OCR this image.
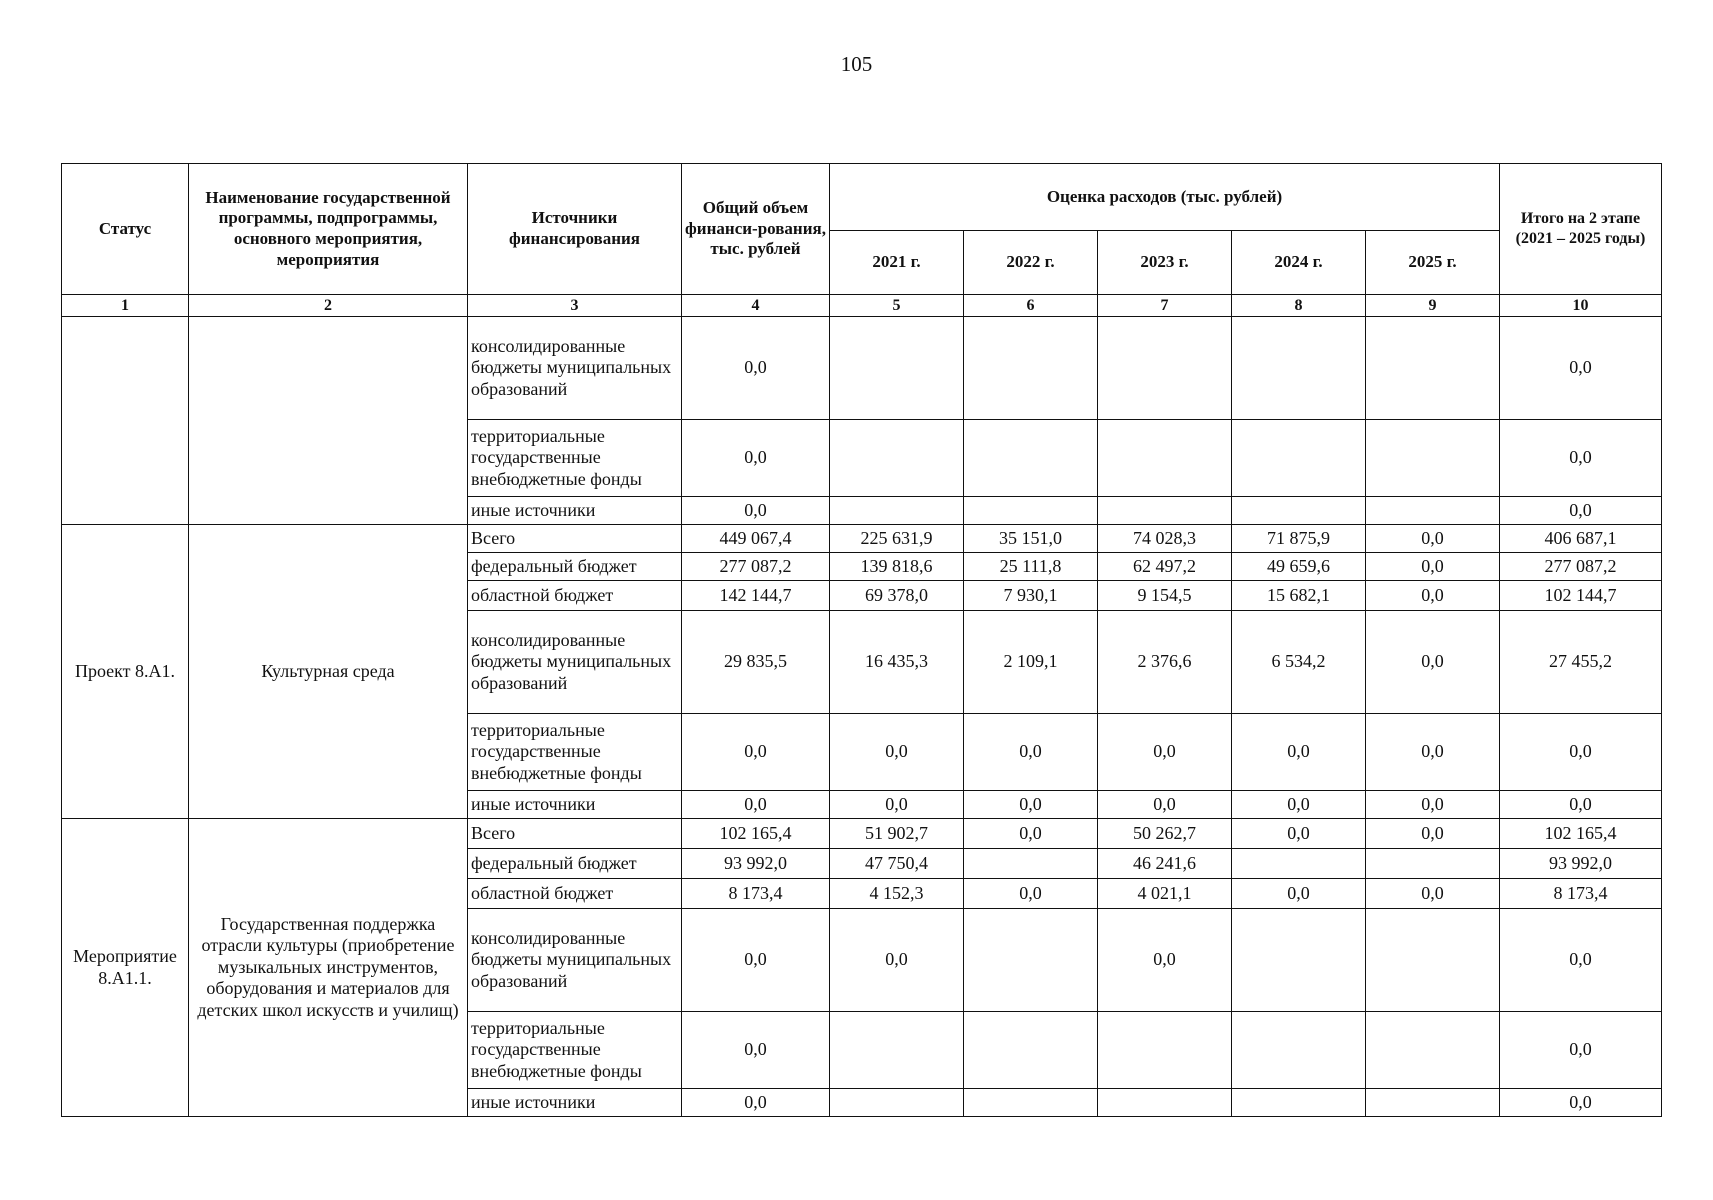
105
Статус	Наименование государственной программы, подпрограммы, основного мероприятия, мероприятия	Источники финансирования	Общий объем финанси-рования, тыс. рублей	Оценка расходов (тыс. рублей)					Итого на 2 этапе (2021 – 2025 годы)
				2021 г.	2022 г.	2023 г.	2024 г.	2025 г.	
1	2	3	4	5	6	7	8	9	10
		консолидированные бюджеты муниципальных образований	0,0						0,0
		территориальные государственные внебюджетные фонды	0,0						0,0
		иные источники	0,0						0,0
Проект 8.А1.	Культурная среда	Всего	449 067,4	225 631,9	35 151,0	74 028,3	71 875,9	0,0	406 687,1
		федеральный бюджет	277 087,2	139 818,6	25 111,8	62 497,2	49 659,6	0,0	277 087,2
		областной бюджет	142 144,7	69 378,0	7 930,1	9 154,5	15 682,1	0,0	102 144,7
		консолидированные бюджеты муниципальных образований	29 835,5	16 435,3	2 109,1	2 376,6	6 534,2	0,0	27 455,2
		территориальные государственные внебюджетные фонды	0,0	0,0	0,0	0,0	0,0	0,0	0,0
		иные источники	0,0	0,0	0,0	0,0	0,0	0,0	0,0
Мероприятие 8.А1.1.	Государственная поддержка отрасли культуры (приобретение музыкальных инструментов, оборудования и материалов для детских школ искусств и училищ)	Всего	102 165,4	51 902,7	0,0	50 262,7	0,0	0,0	102 165,4
		федеральный бюджет	93 992,0	47 750,4		46 241,6			93 992,0
		областной бюджет	8 173,4	4 152,3	0,0	4 021,1	0,0	0,0	8 173,4
		консолидированные бюджеты муниципальных образований	0,0	0,0		0,0			0,0
		территориальные государственные внебюджетные фонды	0,0						0,0
		иные источники	0,0						0,0
